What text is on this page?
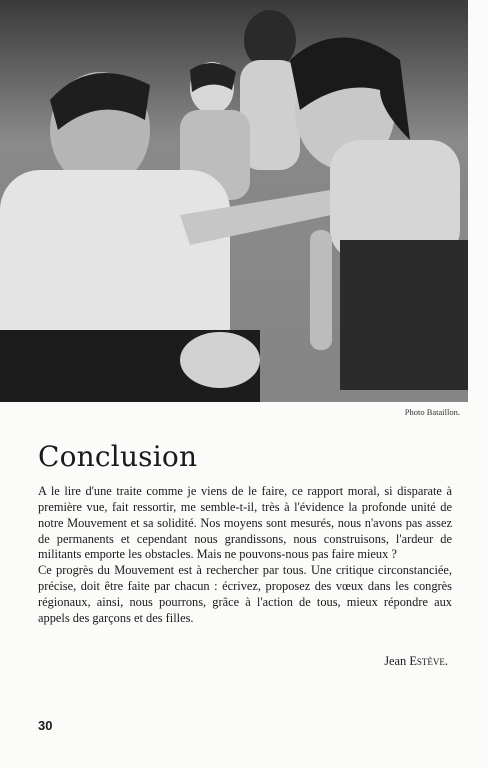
Photo Bataillon.
Conclusion

A le lire d'une traite comme je viens de le faire, ce rapport moral, si disparate à première vue, fait ressortir, me semble-t-il, très à l'évidence la profonde unité de notre Mouvement et sa solidité. Nos moyens sont mesurés, nous n'avons pas assez de permanents et cependant nous grandissons, nous construisons, l'ardeur de militants emporte les obstacles. Mais ne pouvons-nous pas faire mieux ?

Ce progrès du Mouvement est à rechercher par tous. Une critique circonstanciée, précise, doit être faite par chacun : écrivez, proposez des vœux dans les congrès régionaux, ainsi, nous pourrons, grâce à l'action de tous, mieux répondre aux appels des garçons et des filles.

Jean Estève.
30
